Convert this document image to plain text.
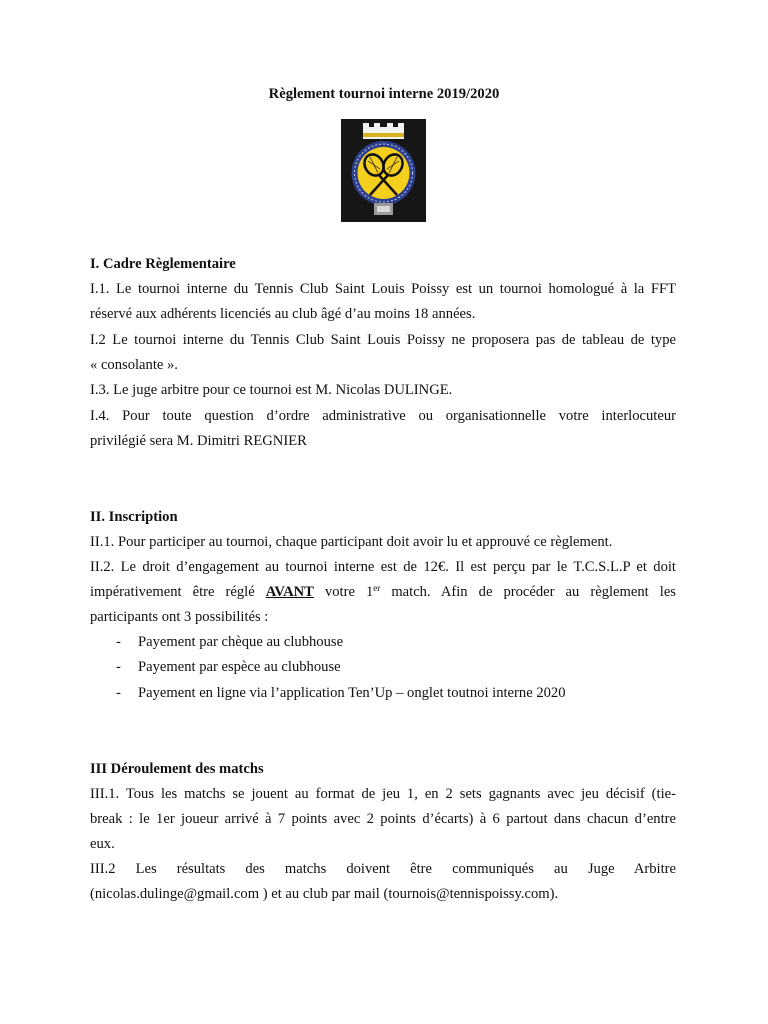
Règlement tournoi interne 2019/2020
I. Cadre Règlementaire
I.1. Le tournoi interne du Tennis Club Saint Louis Poissy est un tournoi homologué à la FFT
réservé aux adhérents licenciés au club âgé d’au moins 18 années.
I.2 Le tournoi interne du Tennis Club Saint Louis Poissy ne proposera pas de tableau de type
« consolante ».
I.3. Le juge arbitre pour ce tournoi est M. Nicolas DULINGE.
I.4. Pour toute question d’ordre administrative ou organisationnelle votre interlocuteur
privilégié sera M. Dimitri REGNIER
II. Inscription
II.1. Pour participer au tournoi, chaque participant doit avoir lu et approuvé ce règlement.
II.2. Le droit d’engagement au tournoi interne est de 12€. Il est perçu par le T.C.S.L.P et doit
impérativement être réglé AVANT votre 1er match. Afin de procéder au règlement les
participants ont 3 possibilités :
- Payement par chèque au clubhouse
- Payement par espèce au clubhouse
- Payement en ligne via l’application Ten’Up – onglet toutnoi interne 2020
III Déroulement des matchs
III.1. Tous les matchs se jouent au format de jeu 1, en 2 sets gagnants avec jeu décisif (tie-
break : le 1er joueur arrivé à 7 points avec 2 points d’écarts) à 6 partout dans chacun d’entre
eux.
III.2 Les résultats des matchs doivent être communiqués au Juge Arbitre
(nicolas.dulinge@gmail.com ) et au club par mail (tournois@tennispoissy.com).
